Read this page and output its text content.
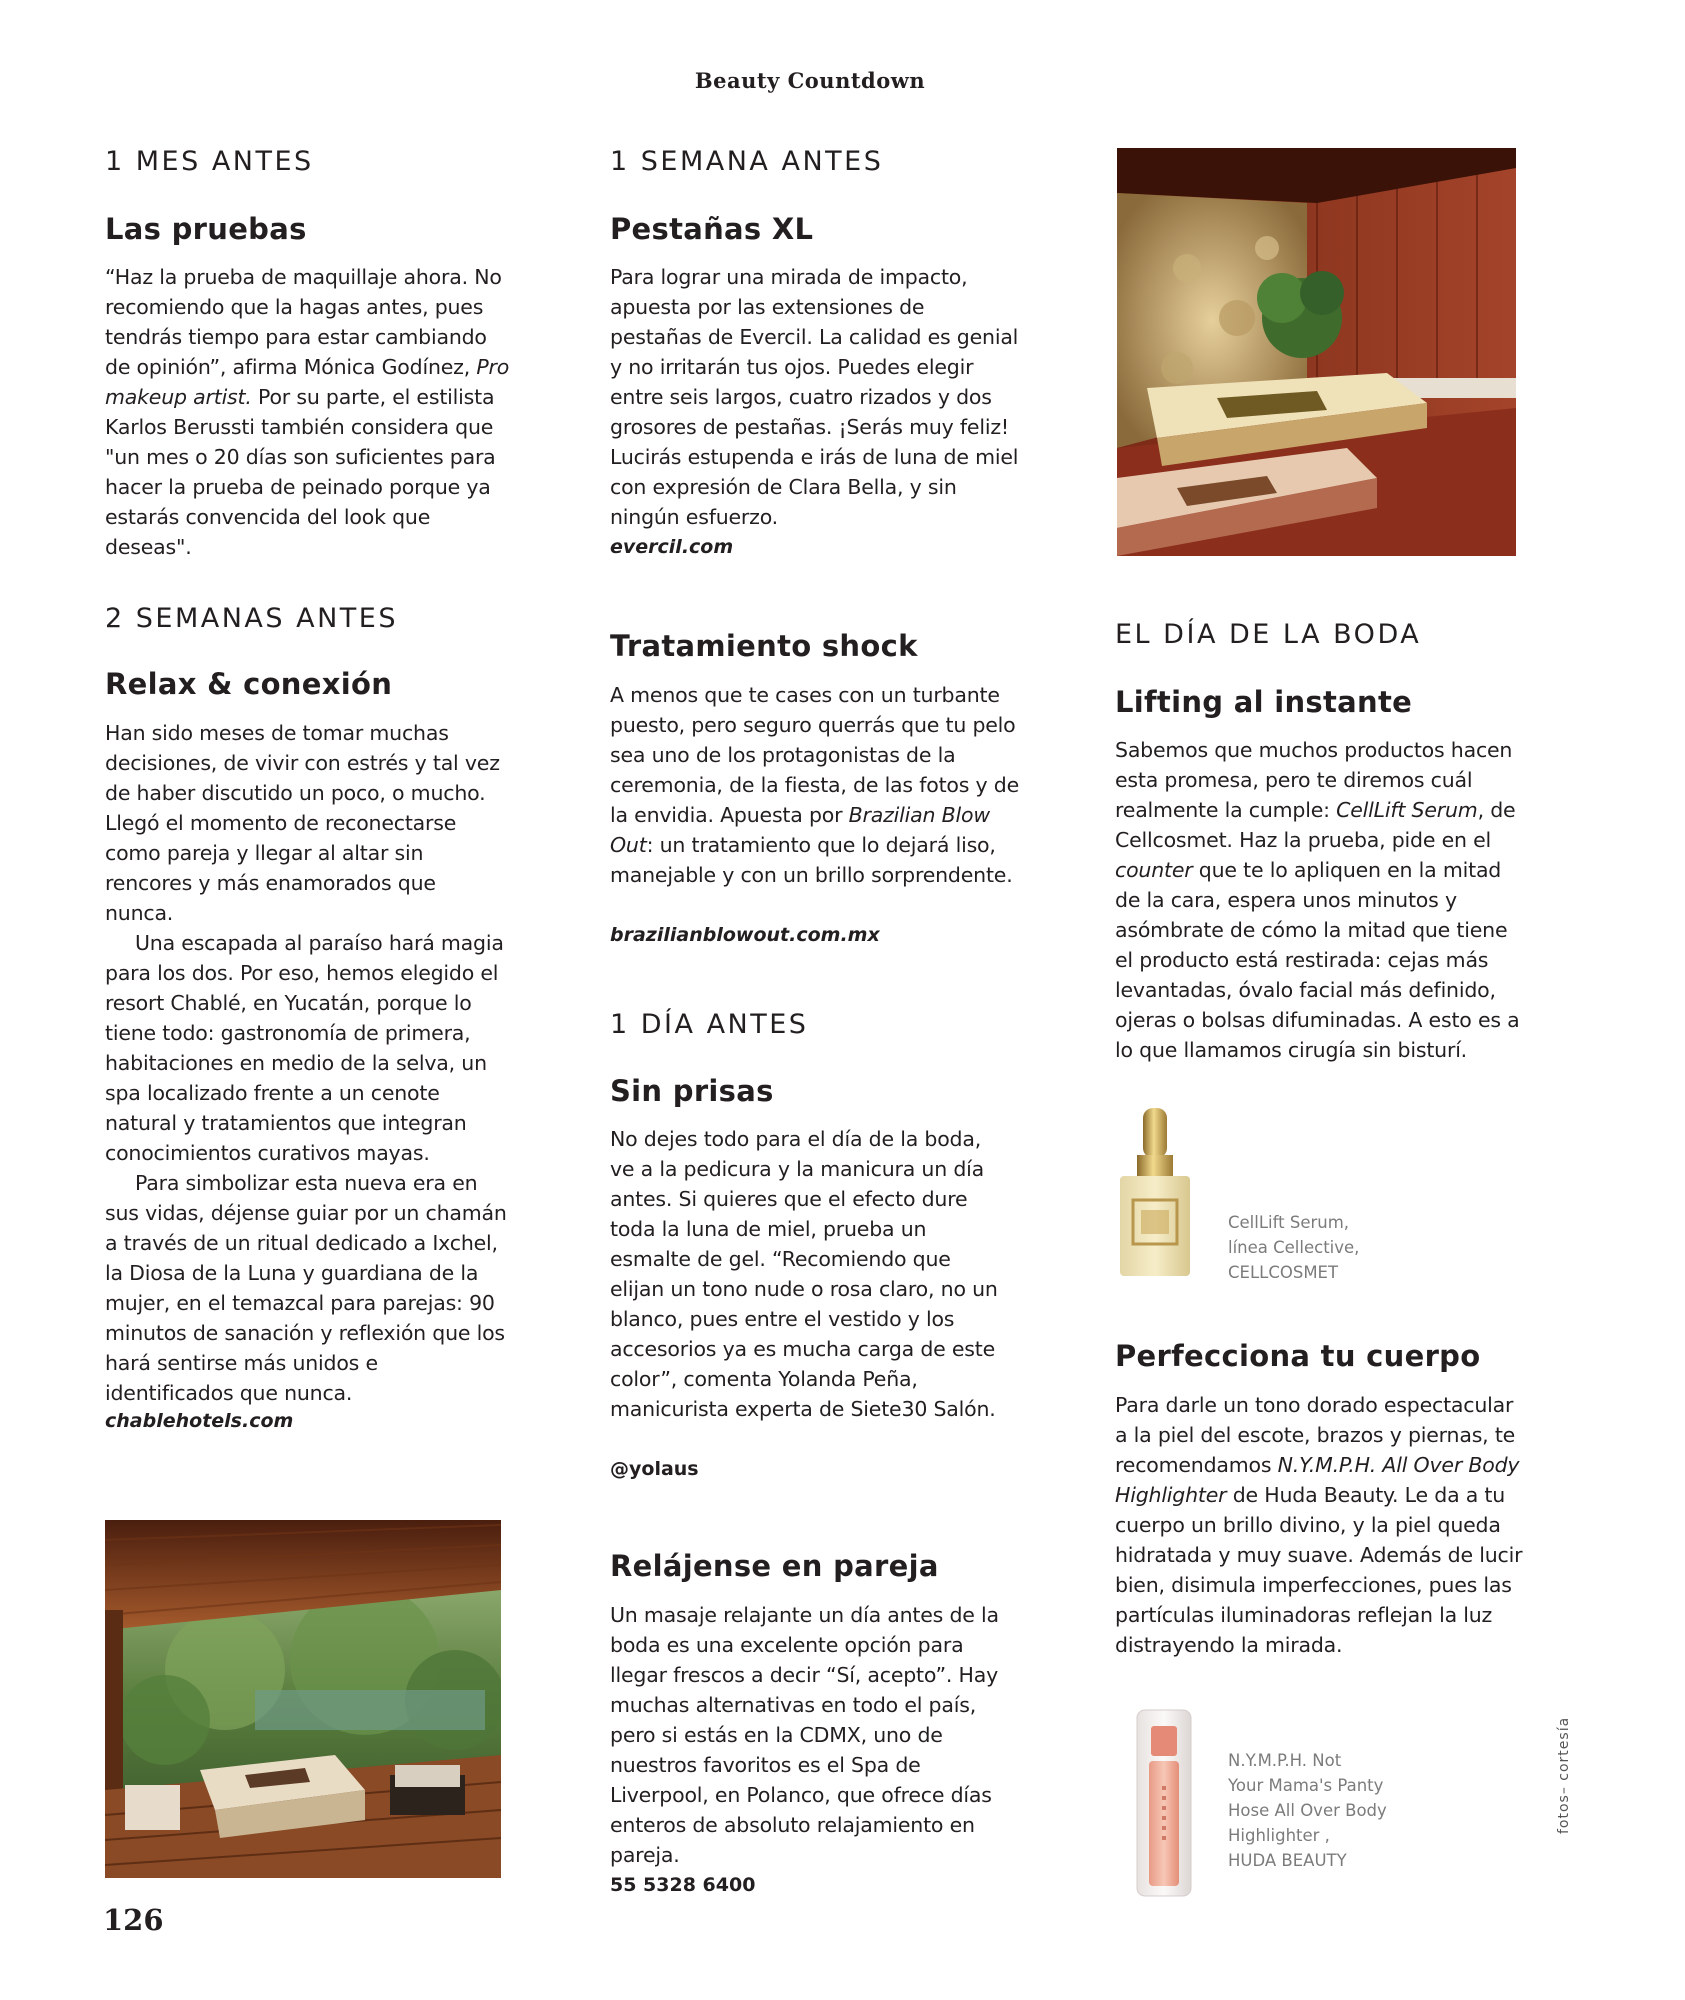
Beauty Countdown
1 MES ANTES
Las pruebas
“Haz la prueba de maquillaje ahora. No recomiendo que la hagas antes, pues tendrás tiempo para estar cambiando de opinión”, afirma Mónica Godínez, Pro makeup artist. Por su parte, el estilista Karlos Berussti también considera que "un mes o 20 días son suficientes para hacer la prueba de peinado porque ya estarás convencida del look que deseas".
2 SEMANAS ANTES
Relax & conexión

Han sido meses de tomar muchas decisiones, de vivir con estrés y tal vez de haber discutido un poco, o mucho. Llegó el momento de reconectarse como pareja y llegar al altar sin rencores y más enamorados que nunca.

Una escapada al paraíso hará magia para los dos. Por eso, hemos elegido el resort Chablé, en Yucatán, porque lo tiene todo: gastronomía de primera, habitaciones en medio de la selva, un spa localizado frente a un cenote natural y tratamientos que integran conocimientos curativos mayas.

Para simbolizar esta nueva era en sus vidas, déjense guiar por un chamán a través de un ritual dedicado a Ixchel, la Diosa de la Luna y guardiana de la mujer, en el temazcal para parejas: 90 minutos de sanación y reflexión que los hará sentirse más unidos e identificados que nunca.

chablehotels.com

1 SEMANA ANTES
Pestañas XL
Para lograr una mirada de impacto, apuesta por las extensiones de pestañas de Evercil. La calidad es genial y no irritarán tus ojos. Puedes elegir entre seis largos, cuatro rizados y dos grosores de pestañas. ¡Serás muy feliz! Lucirás estupenda e irás de luna de miel con expresión de Clara Bella, y sin ningún esfuerzo.

evercil.com

Tratamiento shock
A menos que te cases con un turbante puesto, pero seguro querrás que tu pelo sea uno de los protagonistas de la ceremonia, de la fiesta, de las fotos y de la envidia. Apuesta por Brazilian Blow Out: un tratamiento que lo dejará liso, manejable y con un brillo sorprendente.

brazilianblowout.com.mx

1 DÍA ANTES
Sin prisas
No dejes todo para el día de la boda, ve a la pedicura y la manicura un día antes. Si quieres que el efecto dure toda la luna de miel, prueba un esmalte de gel. “Recomiendo que elijan un tono nude o rosa claro, no un blanco, pues entre el vestido y los accesorios ya es mucha carga de este color”, comenta Yolanda Peña, manicurista experta de Siete30 Salón.

@yolaus

Relájense en pareja
Un masaje relajante un día antes de la boda es una excelente opción para llegar frescos a decir “Sí, acepto”. Hay muchas alternativas en todo el país, pero si estás en la CDMX, uno de nuestros favoritos es el Spa de Liverpool, en Polanco, que ofrece días enteros de absoluto relajamiento en pareja.

55 5328 6400

EL DÍA DE LA BODA
Lifting al instante
Sabemos que muchos productos hacen esta promesa, pero te diremos cuál realmente la cumple: CellLift Serum, de Cellcosmet. Haz la prueba, pide en el counter que te lo apliquen en la mitad de la cara, espera unos minutos y asómbrate de cómo la mitad que tiene el producto está restirada: cejas más levantadas, óvalo facial más definido, ojeras o bolsas difuminadas. A esto es a lo que llamamos cirugía sin bisturí.
Perfecciona tu cuerpo
Para darle un tono dorado espectacular a la piel del escote, brazos y piernas, te recomendamos N.Y.M.P.H. All Over Body Highlighter de Huda Beauty. Le da a tu cuerpo un brillo divino, y la piel queda hidratada y muy suave. Además de lucir bien, disimula imperfecciones, pues las partículas iluminadoras reflejan la luz distrayendo la mirada.
CellLift Serum,
línea Cellective,
CELLCOSMET
N.Y.M.P.H. Not
Your Mama's Panty
Hose All Over Body
Highlighter ,
HUDA BEAUTY
fotos– cortesía
126
